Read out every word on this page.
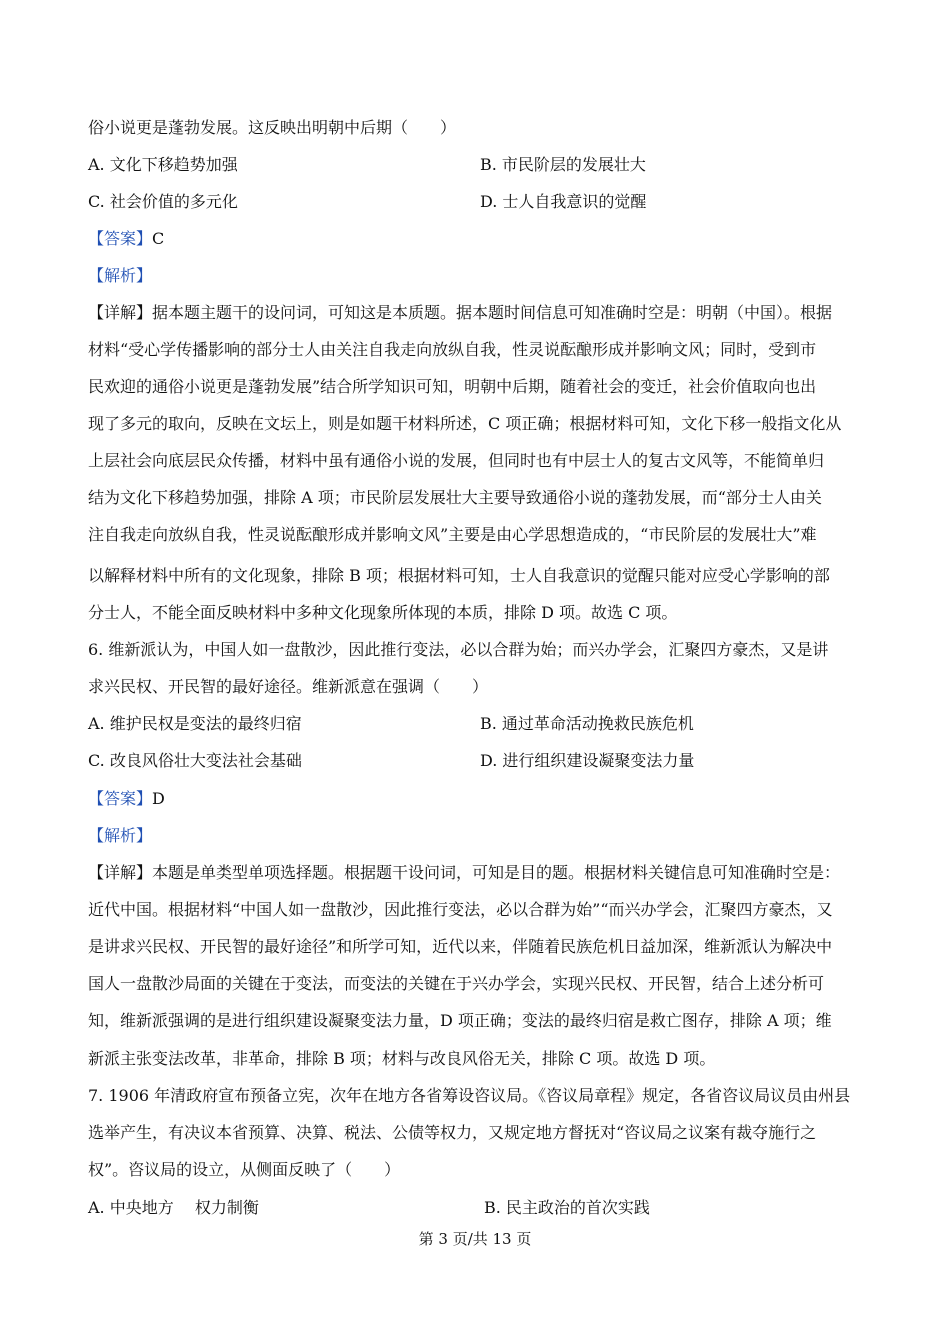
俗小说更是蓬勃发展。这反映出明朝中后期（　　）
A. 文化下移趋势加强	B. 市民阶层的发展壮大
C. 社会价值的多元化	D. 士人自我意识的觉醒
【答案】C
【解析】
【详解】据本题主题干的设问词，可知这是本质题。据本题时间信息可知准确时空是：明朝（中国）。根据
材料“受心学传播影响的部分士人由关注自我走向放纵自我，性灵说酝酿形成并影响文风；同时，受到市
民欢迎的通俗小说更是蓬勃发展”结合所学知识可知，明朝中后期，随着社会的变迁，社会价值取向也出
现了多元的取向，反映在文坛上，则是如题干材料所述，C 项正确；根据材料可知，文化下移一般指文化从
上层社会向底层民众传播，材料中虽有通俗小说的发展，但同时也有中层士人的复古文风等，不能简单归
结为文化下移趋势加强，排除 A 项；市民阶层发展壮大主要导致通俗小说的蓬勃发展，而“部分士人由关
注自我走向放纵自我，性灵说酝酿形成并影响文风”主要是由心学思想造成的，“市民阶层的发展壮大”难
以解释材料中所有的文化现象，排除 B 项；根据材料可知，士人自我意识的觉醒只能对应受心学影响的部
分士人，不能全面反映材料中多种文化现象所体现的本质，排除 D 项。故选 C 项。
6. 维新派认为，中国人如一盘散沙，因此推行变法，必以合群为始；而兴办学会，汇聚四方豪杰，又是讲
求兴民权、开民智的最好途径。维新派意在强调（　　）
A. 维护民权是变法的最终归宿	B. 通过革命活动挽救民族危机
C. 改良风俗壮大变法社会基础	D. 进行组织建设凝聚变法力量
【答案】D
【解析】
【详解】本题是单类型单项选择题。根据题干设问词，可知是目的题。根据材料关键信息可知准确时空是：
近代中国。根据材料“中国人如一盘散沙，因此推行变法，必以合群为始”“而兴办学会，汇聚四方豪杰，又
是讲求兴民权、开民智的最好途径”和所学可知，近代以来，伴随着民族危机日益加深，维新派认为解决中
国人一盘散沙局面的关键在于变法，而变法的关键在于兴办学会，实现兴民权、开民智，结合上述分析可
知，维新派强调的是进行组织建设凝聚变法力量，D 项正确；变法的最终归宿是救亡图存，排除 A 项；维
新派主张变法改革，非革命，排除 B 项；材料与改良风俗无关，排除 C 项。故选 D 项。
7. 1906 年清政府宣布预备立宪，次年在地方各省筹设咨议局。《咨议局章程》规定，各省咨议局议员由州县
选举产生，有决议本省预算、决算、税法、公债等权力，又规定地方督抚对“咨议局之议案有裁夺施行之
权”。咨议局的设立，从侧面反映了（　　）
A. 中央地方　 权力制衡	B. 民主政治的首次实践
第 3 页/共 13 页
